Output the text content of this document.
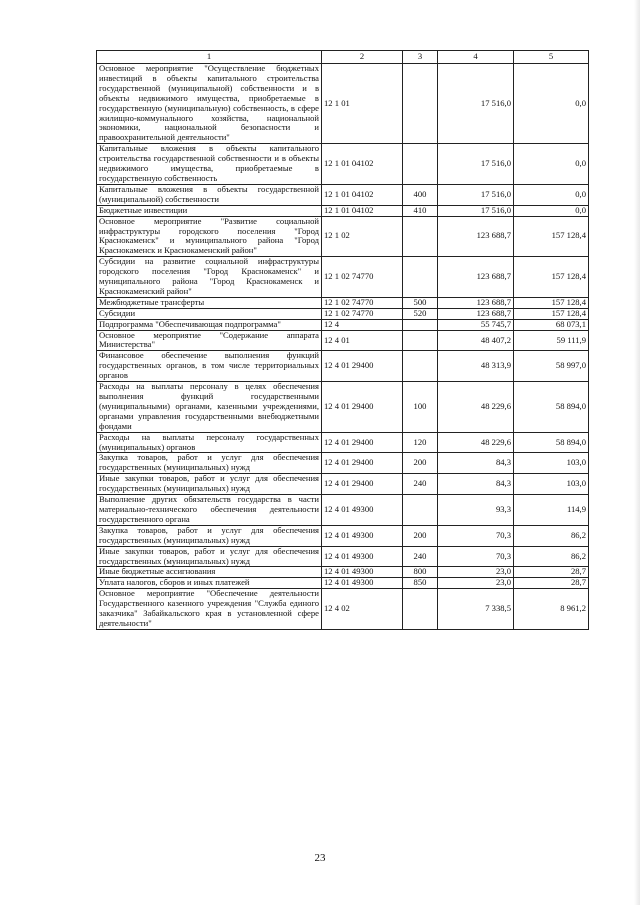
1	2	3	4	5
Основное мероприятие "Осуществление бюджетных инвестиций в объекты капитального строительства государственной (муниципальной) собственности и в объекты недвижимого имущества, приобретаемые в государственную (муниципальную) собственность, в сфере жилищно-коммунального хозяйства, национальной экономики, национальной безопасности и правоохранительной деятельности"	12 1 01		17 516,0	0,0
Капитальные вложения в объекты капитального строительства государственной собственности и в объекты недвижимого имущества, приобретаемые в государственную собственность	12 1 01 04102		17 516,0	0,0
Капитальные вложения в объекты государственной (муниципальной) собственности	12 1 01 04102	400	17 516,0	0,0
Бюджетные инвестиции	12 1 01 04102	410	17 516,0	0,0
Основное мероприятие "Развитие социальной инфраструктуры городского поселения "Город Краснокаменск" и муниципального района "Город Краснокаменск и Краснокаменский район"	12 1 02		123 688,7	157 128,4
Субсидии на развитие социальной инфраструктуры городского поселения "Город Краснокаменск" и муниципального района "Город Краснокаменск и Краснокаменский район"	12 1 02 74770		123 688,7	157 128,4
Межбюджетные трансферты	12 1 02 74770	500	123 688,7	157 128,4
Субсидии	12 1 02 74770	520	123 688,7	157 128,4
Подпрограмма "Обеспечивающая подпрограмма"	12 4		55 745,7	68 073,1
Основное мероприятие "Содержание аппарата Министерства"	12 4 01		48 407,2	59 111,9
Финансовое обеспечение выполнения функций государственных органов, в том числе территориальных органов	12 4 01 29400		48 313,9	58 997,0
Расходы на выплаты персоналу в целях обеспечения выполнения функций государственными (муниципальными) органами, казенными учреждениями, органами управления государственными внебюджетными фондами	12 4 01 29400	100	48 229,6	58 894,0
Расходы на выплаты персоналу государственных (муниципальных) органов	12 4 01 29400	120	48 229,6	58 894,0
Закупка товаров, работ и услуг для обеспечения государственных (муниципальных) нужд	12 4 01 29400	200	84,3	103,0
Иные закупки товаров, работ и услуг для обеспечения государственных (муниципальных) нужд	12 4 01 29400	240	84,3	103,0
Выполнение других обязательств государства в части материально-технического обеспечения деятельности государственного органа	12 4 01 49300		93,3	114,9
Закупка товаров, работ и услуг для обеспечения государственных (муниципальных) нужд	12 4 01 49300	200	70,3	86,2
Иные закупки товаров, работ и услуг для обеспечения государственных (муниципальных) нужд	12 4 01 49300	240	70,3	86,2
Иные бюджетные ассигнования	12 4 01 49300	800	23,0	28,7
Уплата налогов, сборов и иных платежей	12 4 01 49300	850	23,0	28,7
Основное мероприятие "Обеспечение деятельности Государственного казенного учреждения "Служба единого заказчика" Забайкальского края в установленной сфере деятельности"	12 4 02		7 338,5	8 961,2
23
